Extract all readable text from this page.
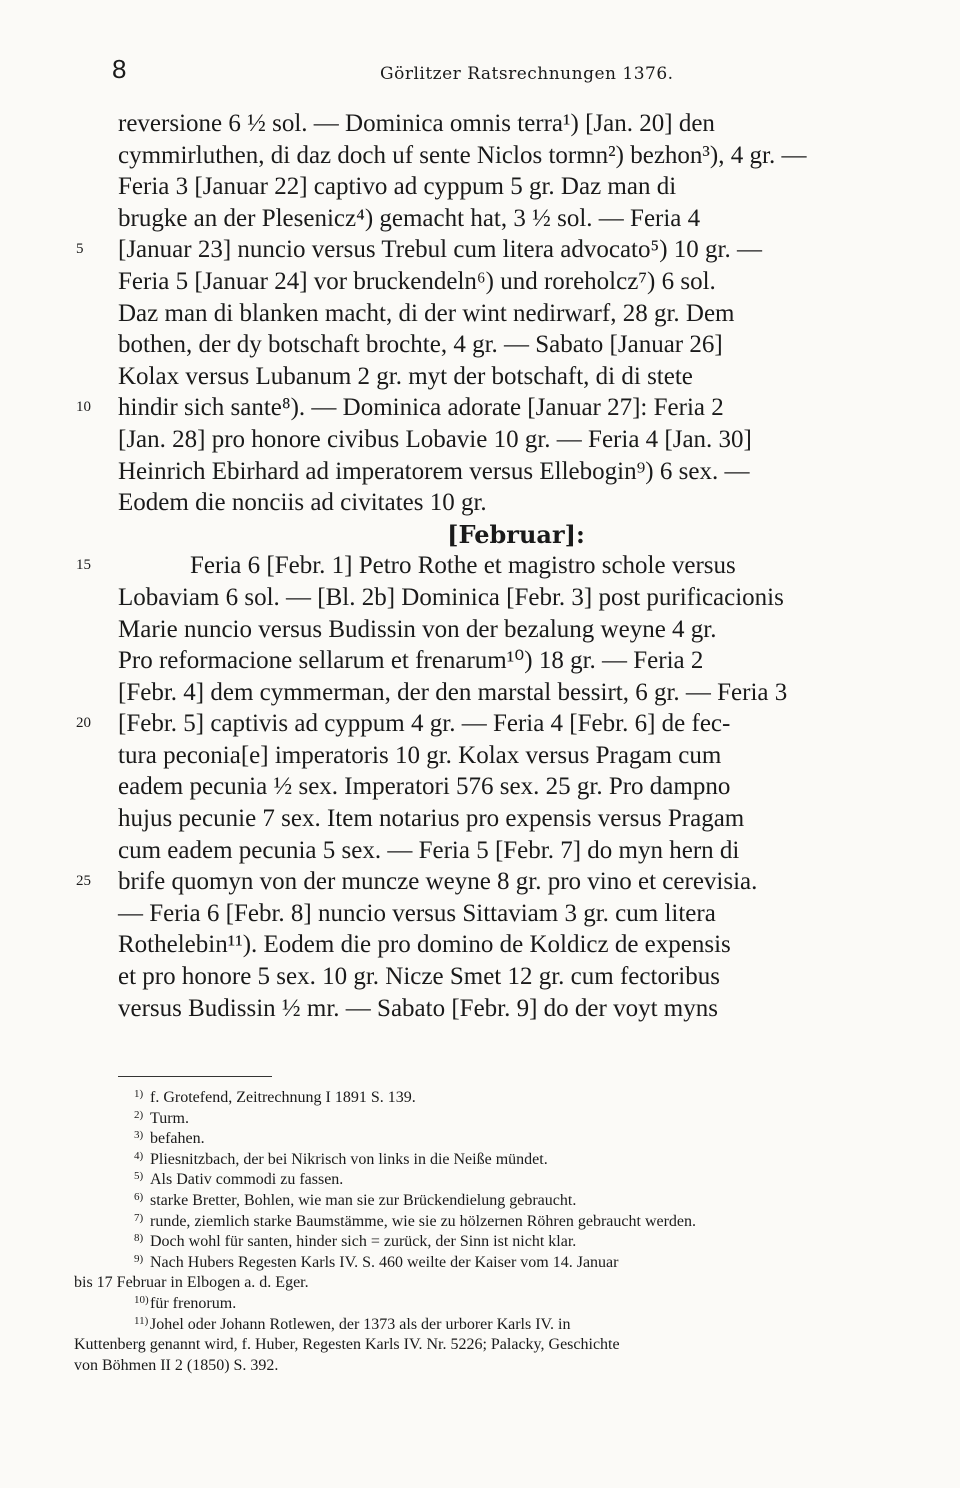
8	Görlitzer Ratsrechnungen 1376.
reversione 6 ½ sol. — Dominica omnis terra¹) [Jan. 20] den
cymmirluthen, di daz doch uf sente Niclos tormn²) bezhon³), 4 gr. —
Feria 3 [Januar 22] captivo ad cyppum 5 gr. Daz man di
brugke an der Plesenicz⁴) gemacht hat, 3 ½ sol. — Feria 4
5 [Januar 23] nuncio versus Trebul cum litera advocato⁵) 10 gr. —
Feria 5 [Januar 24] vor bruckendeln⁶) und roreholcz⁷) 6 sol.
Daz man di blanken macht, di der wint nedirwarf, 28 gr. Dem
bothen, der dy botschaft brochte, 4 gr. — Sabato [Januar 26]
Kolax versus Lubanum 2 gr. myt der botschaft, di di stete
10 hindir sich sante⁸). — Dominica adorate [Januar 27]: Feria 2
[Jan. 28] pro honore civibus Lobavie 10 gr. — Feria 4 [Jan. 30]
Heinrich Ebirhard ad imperatorem versus Ellebogin⁹) 6 sex. —
Eodem die nonciis ad civitates 10 gr.
[Februar]:
15	Feria 6 [Febr. 1] Petro Rothe et magistro schole versus
Lobaviam 6 sol. — [Bl. 2b] Dominica [Febr. 3] post purificacionis
Marie nuncio versus Budissin von der bezalung weyne 4 gr.
Pro reformacione sellarum et frenarum¹⁰) 18 gr. — Feria 2
[Febr. 4] dem cymmerman, der den marstal bessirt, 6 gr. — Feria 3
20 [Febr. 5] captivis ad cyppum 4 gr. — Feria 4 [Febr. 6] de fec-
tura peconia[e] imperatoris 10 gr. Kolax versus Pragam cum
eadem pecunia ½ sex. Imperatori 576 sex. 25 gr. Pro dampno
hujus pecunie 7 sex. Item notarius pro expensis versus Pragam
cum eadem pecunia 5 sex. — Feria 5 [Febr. 7] do myn hern di
25 brife quomyn von der muncze weyne 8 gr. pro vino et cerevisia.
— Feria 6 [Febr. 8] nuncio versus Sittaviam 3 gr. cum litera
Rothelebin¹¹). Eodem die pro domino de Koldicz de expensis
et pro honore 5 sex. 10 gr. Nicze Smet 12 gr. cum fectoribus
versus Budissin ½ mr. — Sabato [Febr. 9] do der voyt myns
1) f. Grotefend, Zeitrechnung I 1891 S. 139.
2) Turm.
3) befahen.
4) Pliesnitzbach, der bei Nikrisch von links in die Neiße mündet.
5) Als Dativ commodi zu fassen.
6) starke Bretter, Bohlen, wie man sie zur Brückendielung gebraucht.
7) runde, ziemlich starke Baumstämme, wie sie zu hölzernen Röhren gebraucht werden.
8) Doch wohl für santen, hinder sich = zurück, der Sinn ist nicht klar.
9) Nach Hubers Regesten Karls IV. S. 460 weilte der Kaiser vom 14. Januar
bis 17 Februar in Elbogen a. d. Eger.
10) für frenorum.
11) Johel oder Johann Rotlewen, der 1373 als der urborer Karls IV. in
Kuttenberg genannt wird, f. Huber, Regesten Karls IV. Nr. 5226; Palacky, Geschichte
von Böhmen II 2 (1850) S. 392.
